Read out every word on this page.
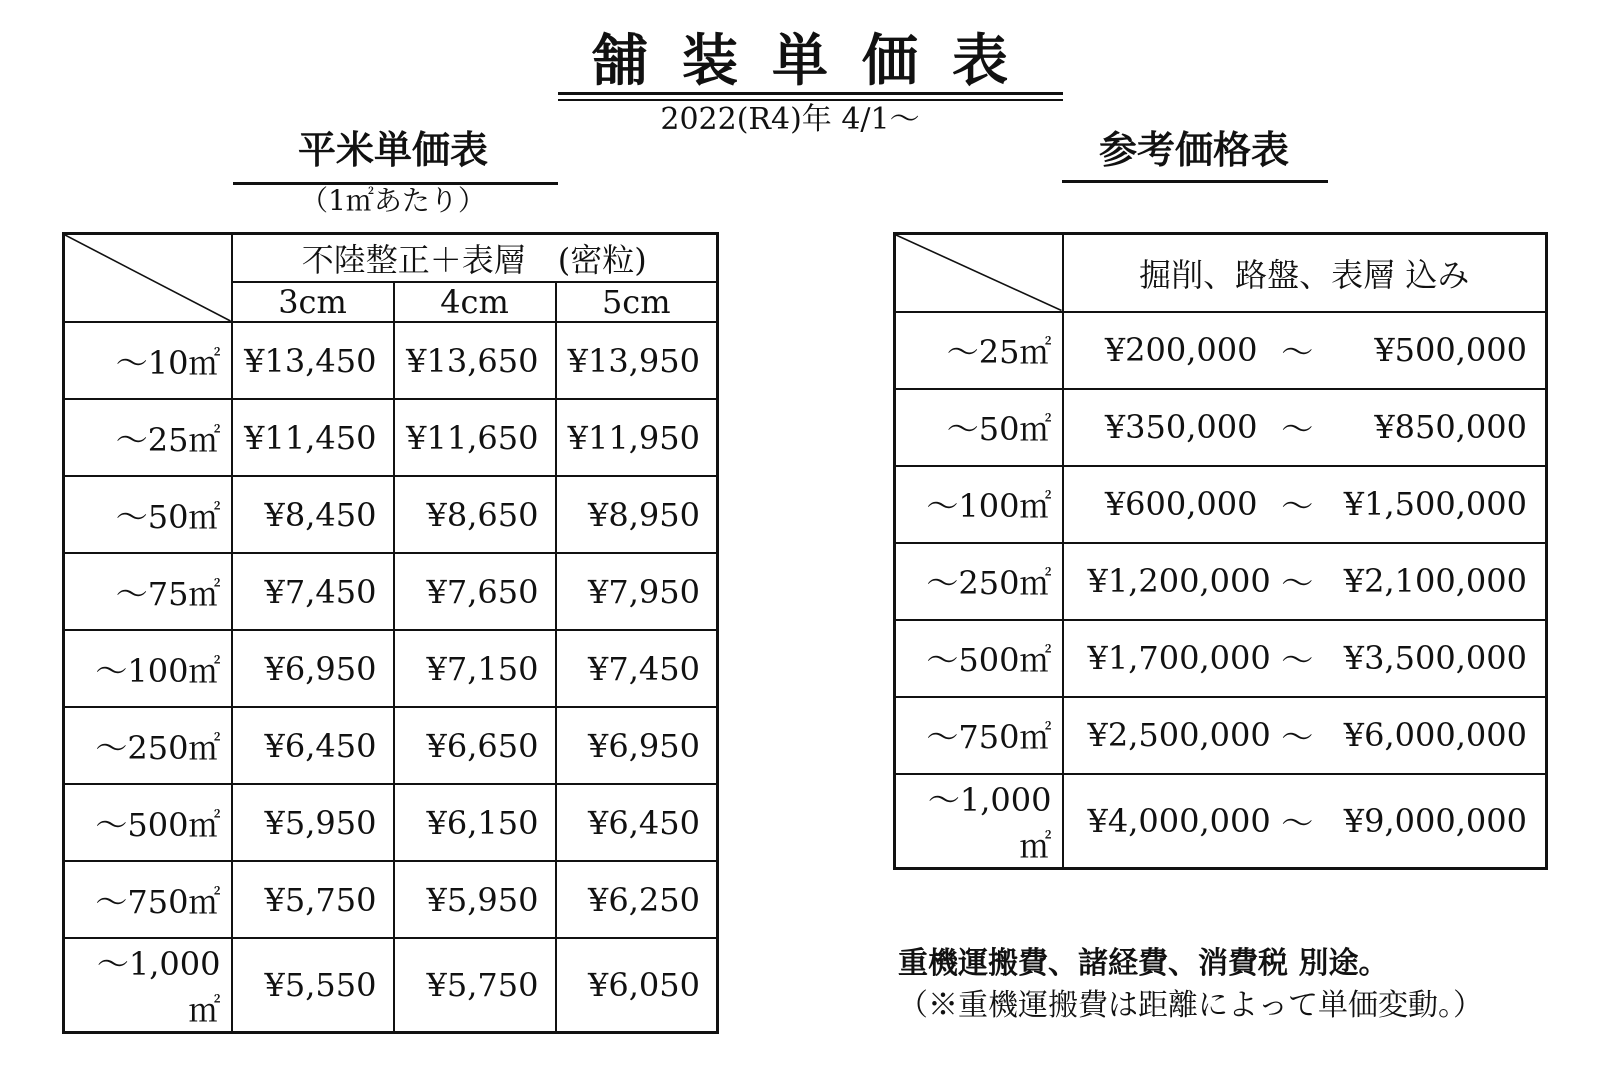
舗装単価表
2022(R4)年 4/1～
平米単価表
（1㎡あたり）
	不陸整正＋表層　(密粒)		
	3cm	4cm	5cm
～10㎡	¥13,450	¥13,650	¥13,950
～25㎡	¥11,450	¥11,650	¥11,950
～50㎡	¥8,450	¥8,650	¥8,950
～75㎡	¥7,450	¥7,650	¥7,950
～100㎡	¥6,950	¥7,150	¥7,450
～250㎡	¥6,450	¥6,650	¥6,950
～500㎡	¥5,950	¥6,150	¥6,450
～750㎡	¥5,750	¥5,950	¥6,250
～1,000㎡	¥5,550	¥5,750	¥6,050
参考価格表
	掘削、路盤、表層 込み
～25㎡	¥200,000 ～ ¥500,000

～50㎡	¥350,000 ～ ¥850,000

～100㎡	¥600,000 ～ ¥1,500,000

～250㎡	¥1,200,000 ～ ¥2,100,000

～500㎡	¥1,700,000 ～ ¥3,500,000

～750㎡	¥2,500,000 ～ ¥6,000,000

～1,000㎡	¥4,000,000 ～ ¥9,000,000
重機運搬費、諸経費、消費税 別途。
（※重機運搬費は距離によって単価変動。）
